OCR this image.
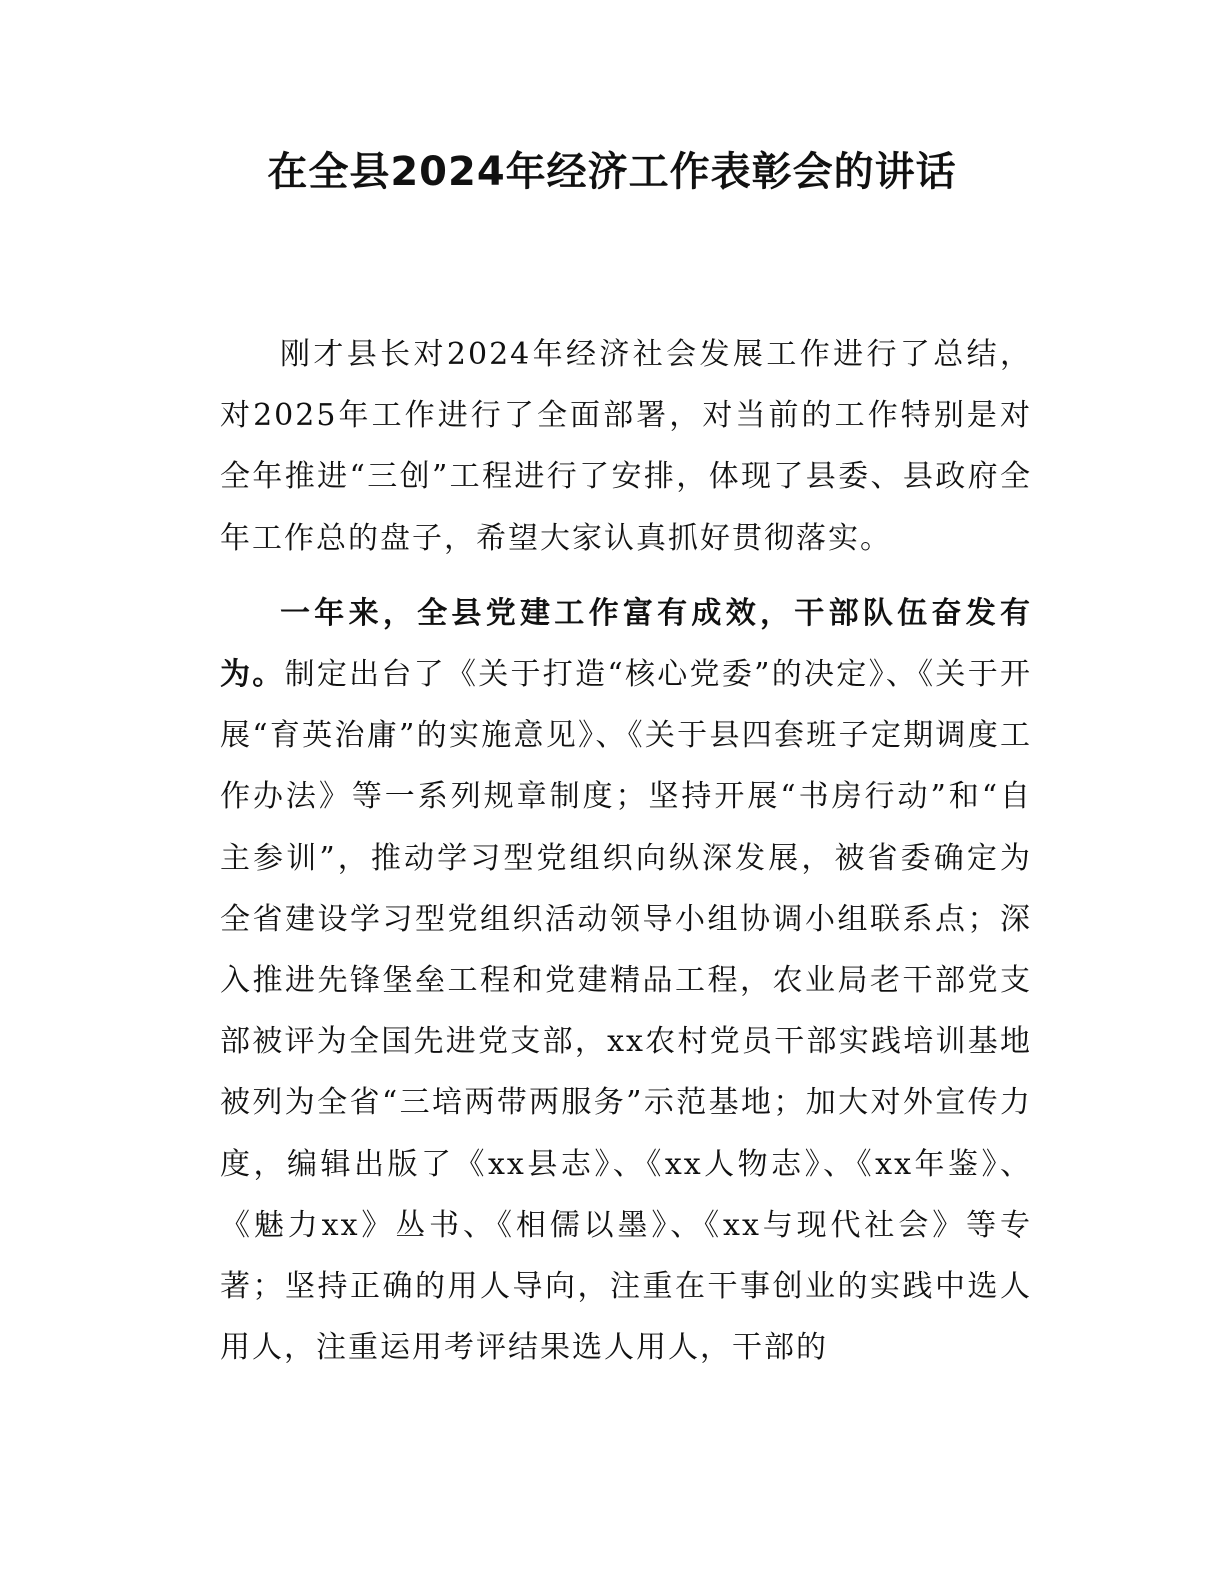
在全县2024年经济工作表彰会的讲话

刚才县长对2024年经济社会发展工作进行了总结，对2025年工作进行了全面部署，对当前的工作特别是对全年推进“三创”工程进行了安排，体现了县委、县政府全年工作总的盘子，希望大家认真抓好贯彻落实。

一年来，全县党建工作富有成效，干部队伍奋发有为。制定出台了《关于打造“核心党委”的决定》、《关于开展“育英治庸”的实施意见》、《关于县四套班子定期调度工作办法》等一系列规章制度；坚持开展“书房行动”和“自主参训”，推动学习型党组织向纵深发展，被省委确定为全省建设学习型党组织活动领导小组协调小组联系点；深入推进先锋堡垒工程和党建精品工程，农业局老干部党支部被评为全国先进党支部，xx农村党员干部实践培训基地被列为全省“三培两带两服务”示范基地；加大对外宣传力度，编辑出版了《xx县志》、《xx人物志》、《xx年鉴》、《魅力xx》丛书、《相儒以墨》、《xx与现代社会》等专著；坚持正确的用人导向，注重在干事创业的实践中选人用人，注重运用考评结果选人用人，干部的
